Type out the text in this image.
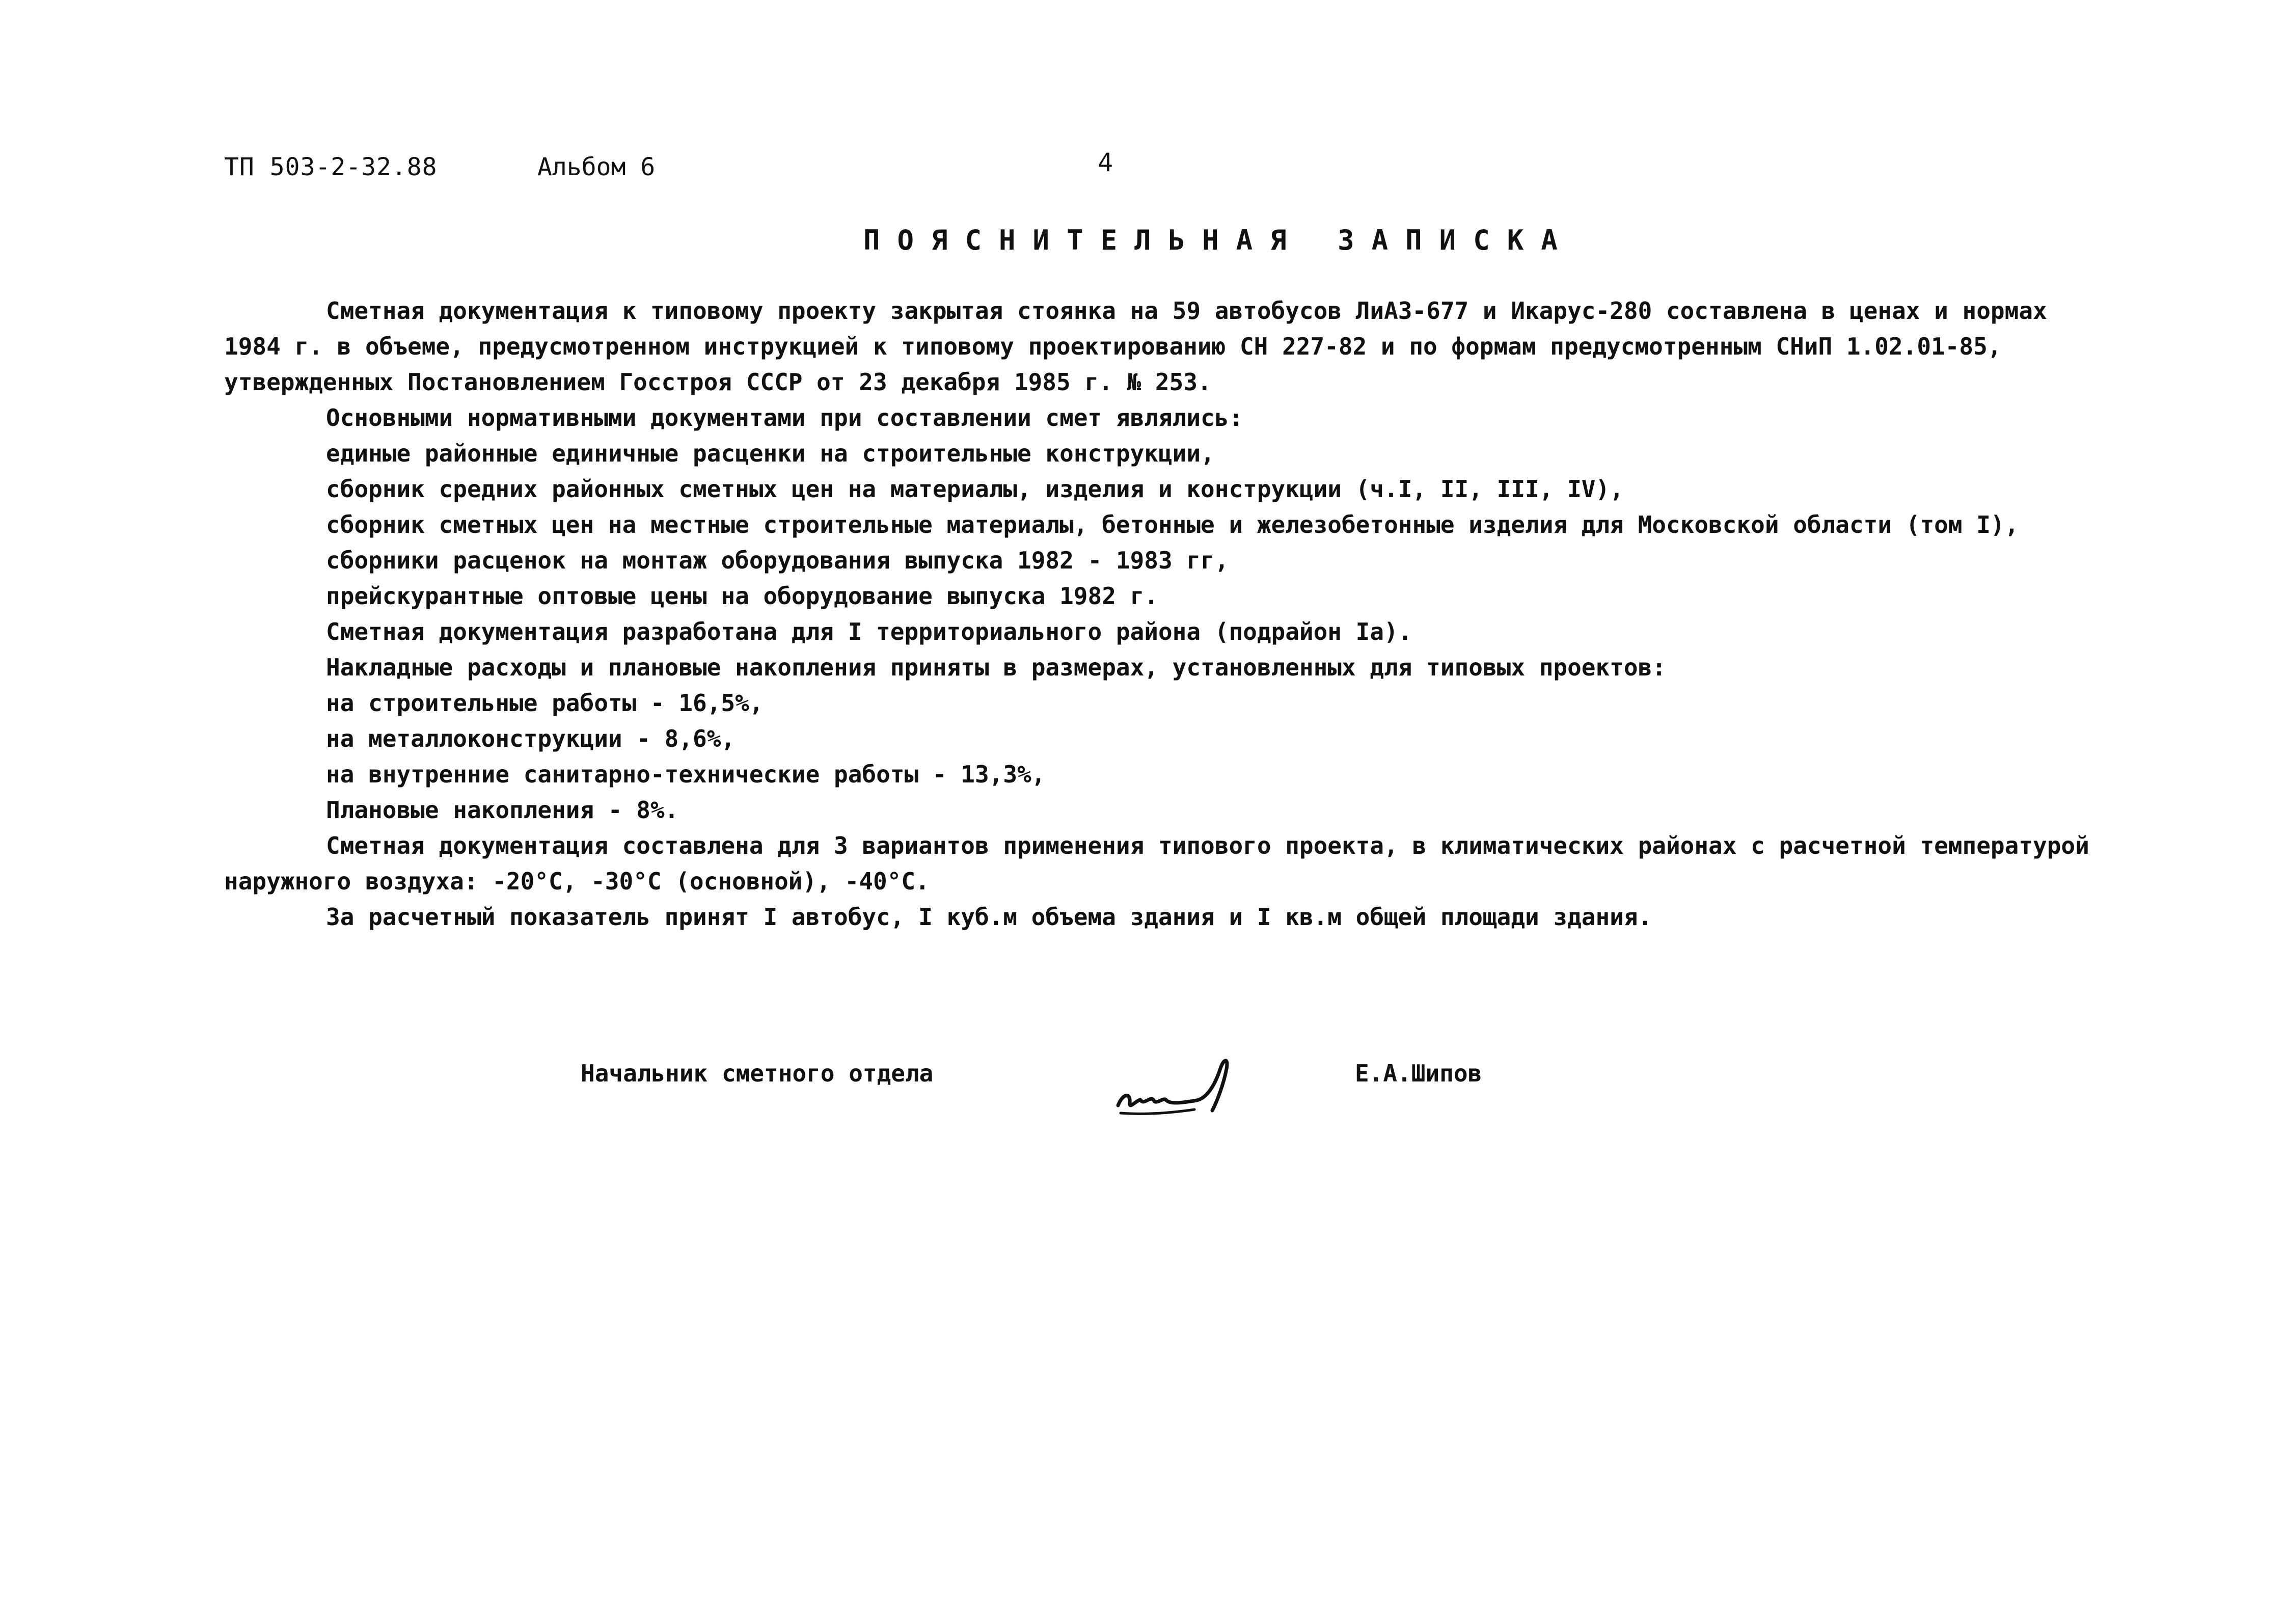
ТП 503-2-32.88	Альбом 6	4
ПОЯСНИТЕЛЬНАЯ ЗАПИСКА
Сметная документация к типовому проекту закрытая стоянка на 59 автобусов ЛиАЗ-677 и Икарус-280 составлена в ценах и нормах
1984 г. в объеме, предусмотренном инструкцией к типовому проектированию СН 227-82 и по формам предусмотренным СНиП 1.02.01-85,
утвержденных Постановлением Госстроя СССР от 23 декабря 1985 г. № 253.
Основными нормативными документами при составлении смет являлись:
единые районные единичные расценки на строительные конструкции,
сборник средних районных сметных цен на материалы, изделия и конструкции (ч.I, II, III, IV),
сборник сметных цен на местные строительные материалы, бетонные и железобетонные изделия для Московской области (том I),
сборники расценок на монтаж оборудования выпуска 1982 - 1983 гг,
прейскурантные оптовые цены на оборудование выпуска 1982 г.
Сметная документация разработана для I территориального района (подрайон Iа).
Накладные расходы и плановые накопления приняты в размерах, установленных для типовых проектов:
на строительные работы - 16,5%,
на металлоконструкции - 8,6%,
на внутренние санитарно-технические работы - 13,3%,
Плановые накопления - 8%.
Сметная документация составлена для 3 вариантов применения типового проекта, в климатических районах с расчетной температурой
наружного воздуха: -20°С, -30°С (основной), -40°С.
За расчетный показатель принят I автобус, I куб.м объема здания и I кв.м общей площади здания.
Начальник сметного отдела	Е.А.Шипов
